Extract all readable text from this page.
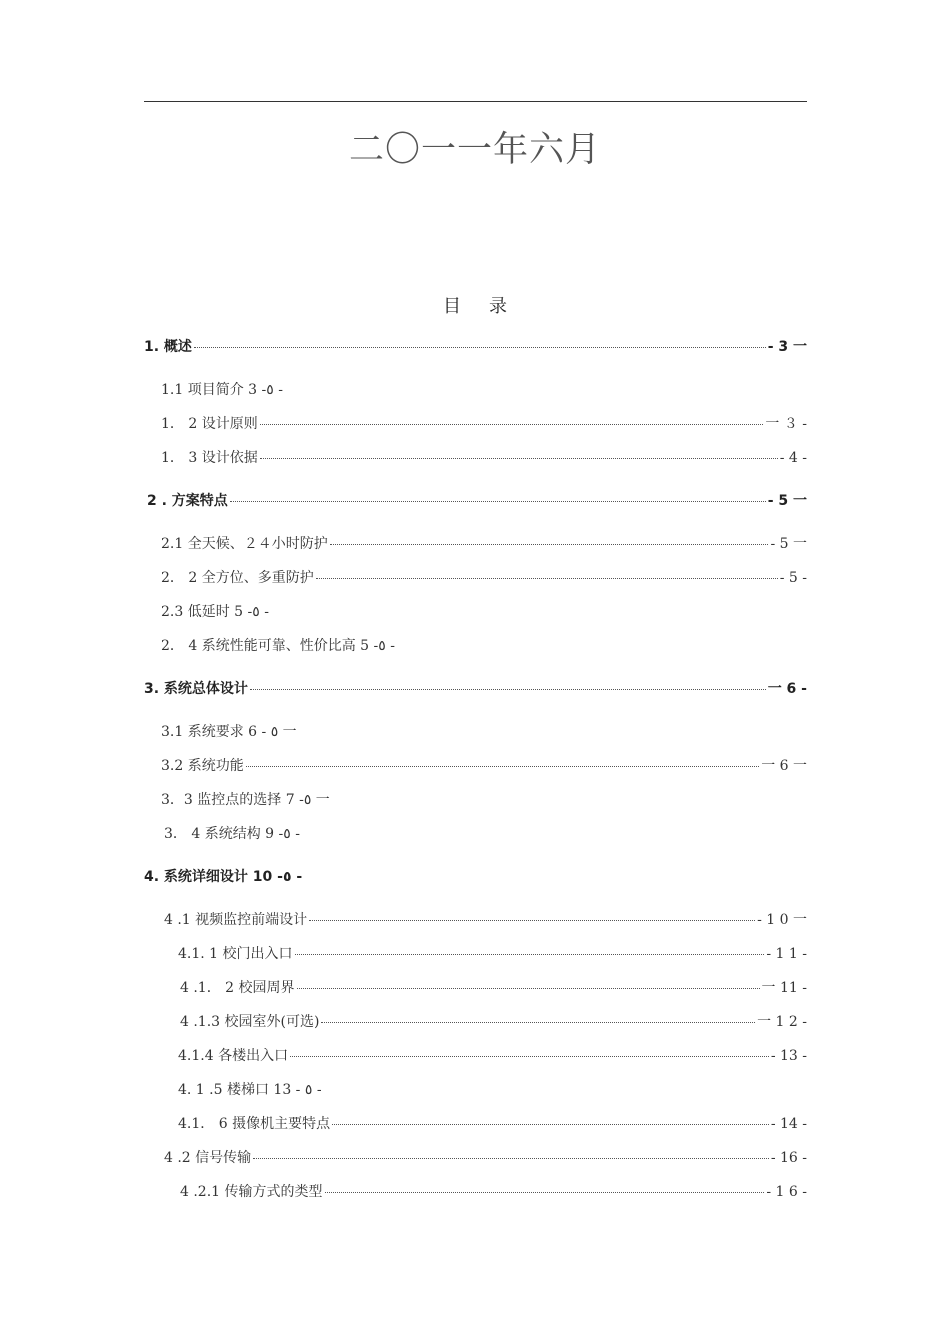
二〇一一年六月
目 录
1. 概述	- 3 一
1.1 项目简介 3 -٥ -
1． 2 设计原则	一 ３ -
1． 3 设计依据	- 4 -
2 . 方案特点	- 5 一
2.1 全天候、２４小时防护	- 5 一
2． 2 全方位、多重防护	- 5 -
2.3 低延时 5 -٥ -
2． 4 系统性能可靠、性价比高 5 -٥ -
3. 系统总体设计	一 6 -
3.1 系统要求 6 - ٥ 一
3.2 系统功能	一 6 一
3．3 监控点的选择 7 -٥ 一
3． 4 系统结构 9 -٥ -
4. 系统详细设计 10 -٥ -
4 .1 视频监控前端设计	- 1 0 一
4.1. 1 校门出入口	- 1 1 -
4 .1． 2 校园周界	一 11 -
4 .1.3 校园室外(可选)	一 1 2 -
4.1.4 各楼出入口	- 13 -
4. 1 .5 楼梯口 13 - ٥ -
4.1． 6 摄像机主要特点	- 14 -
4 .2 信号传输	- 16 -
4 .2.1 传输方式的类型	- 1 6 -
